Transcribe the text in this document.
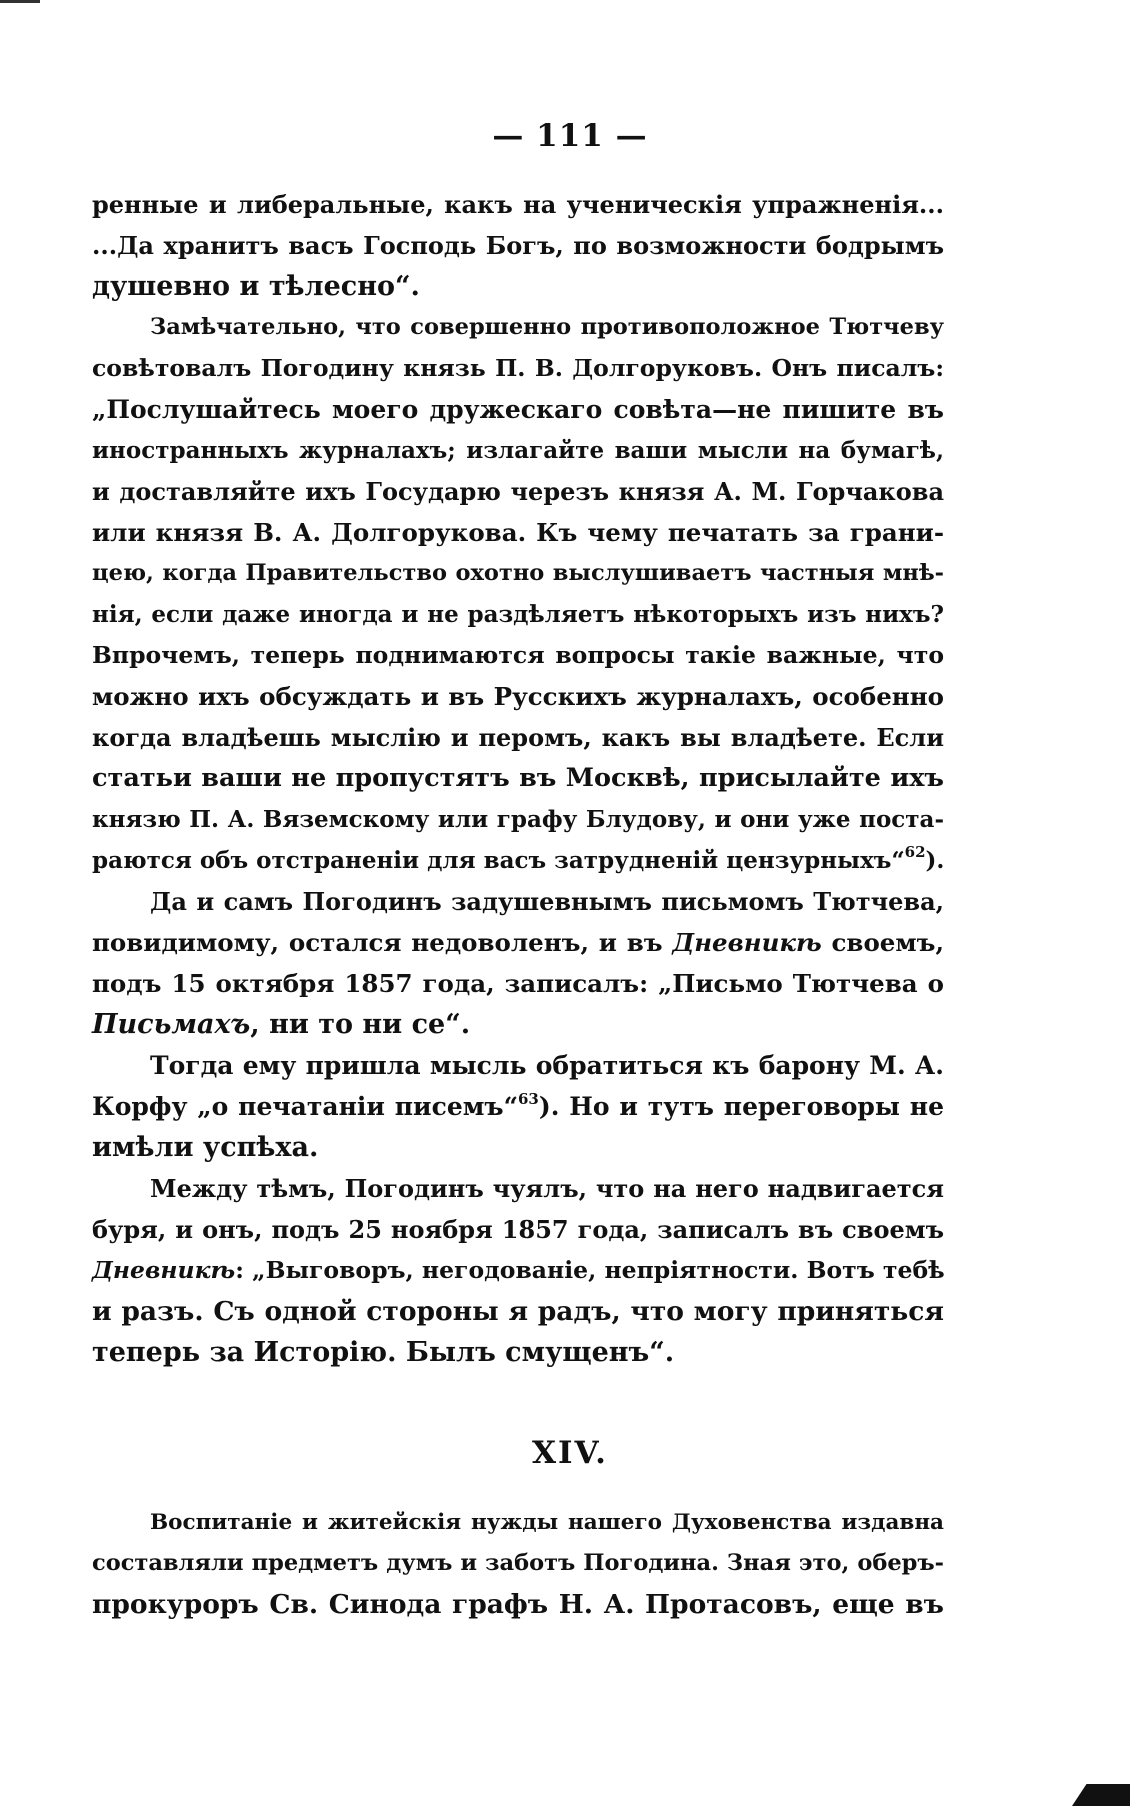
— 111 —
ренные и либеральные, какъ на ученическія упражненія...
...Да хранитъ васъ Господь Богъ, по возможности бодрымъ
душевно и тѣлесно“.
Замѣчательно, что совершенно противоположное Тютчеву
совѣтовалъ Погодину князь П. В. Долгоруковъ. Онъ писалъ:
„Послушайтесь моего дружескаго совѣта—не пишите въ
иностранныхъ журналахъ; излагайте ваши мысли на бумагѣ,
и доставляйте ихъ Государю черезъ князя А. М. Горчакова
или князя В. А. Долгорукова. Къ чему печатать за грани-
цею, когда Правительство охотно выслушиваетъ частныя мнѣ-
нія, если даже иногда и не раздѣляетъ нѣкоторыхъ изъ нихъ?
Впрочемъ, теперь поднимаются вопросы такіе важные, что
можно ихъ обсуждать и въ Русскихъ журналахъ, особенно
когда владѣешь мыслію и перомъ, какъ вы владѣете. Если
статьи ваши не пропустятъ въ Москвѣ, присылайте ихъ
князю П. А. Вяземскому или графу Блудову, и они уже поста-
раются объ отстраненіи для васъ затрудненій цензурныхъ“$^{62}$).
Да и самъ Погодинъ задушевнымъ письмомъ Тютчева,
повидимому, остался недоволенъ, и въ Дневникѣ своемъ,
подъ 15 октября 1857 года, записалъ: „Письмо Тютчева о
Письмахъ, ни то ни се“.
Тогда ему пришла мысль обратиться къ барону М. А.
Корфу „о печатаніи писемъ“$^{63}$). Но и тутъ переговоры не
имѣли успѣха.
Между тѣмъ, Погодинъ чуялъ, что на него надвигается
буря, и онъ, подъ 25 ноября 1857 года, записалъ въ своемъ
Дневникѣ: „Выговоръ, негодованіе, непріятности. Вотъ тебѣ
и разъ. Съ одной стороны я радъ, что могу приняться
теперь за Исторію. Былъ смущенъ“.
XIV.
Воспитаніе и житейскія нужды нашего Духовенства издавна
составляли предметъ думъ и заботъ Погодина. Зная это, оберъ-
прокуроръ Св. Синода графъ Н. А. Протасовъ, еще въ
